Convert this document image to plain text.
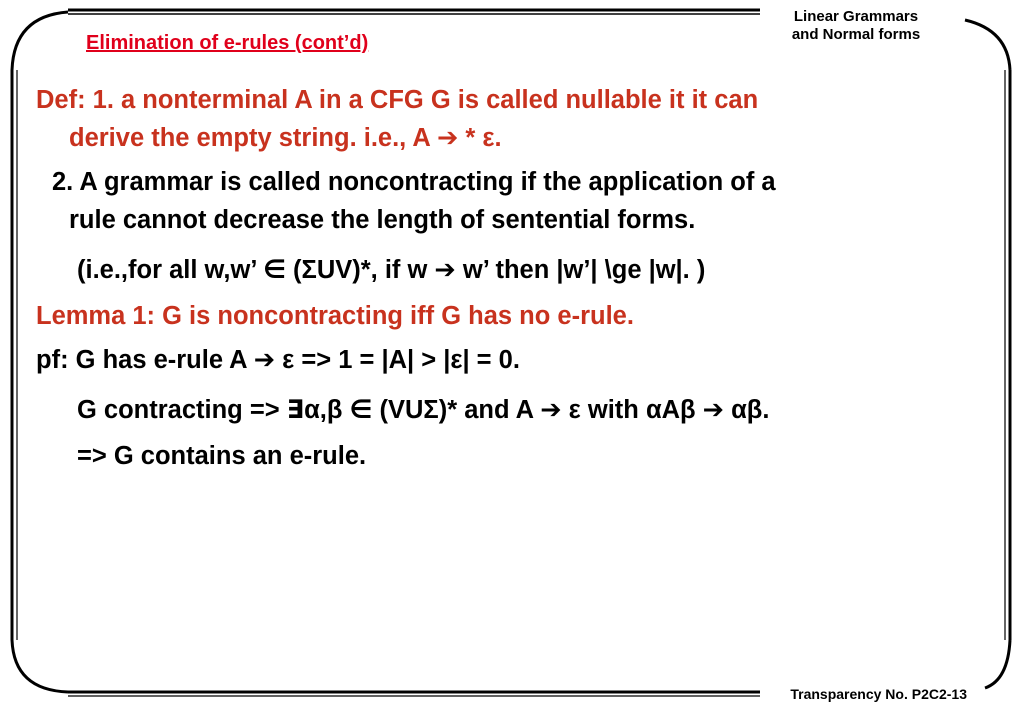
Linear Grammars
and Normal forms
Elimination of e-rules (cont’d)
Def: 1. a nonterminal A in a CFG G is called nullable it it can
derive the empty string. i.e., A ➔ * ε.
2. A grammar is called noncontracting if the application of a
rule cannot decrease the length of sentential forms.
(i.e.,for all w,w’ ∈ (ΣUV)*, if w ➔ w’ then |w’| \ge |w|. )
Lemma 1: G is noncontracting iff G has no e-rule.
pf: G has e-rule A ➔ ε => 1 = |A| > |ε| = 0.
G contracting => ∃α,β ∈ (VUΣ)* and A ➔ ε with αAβ ➔ αβ.
=> G contains an e-rule.
Transparency No. P2C2-13
